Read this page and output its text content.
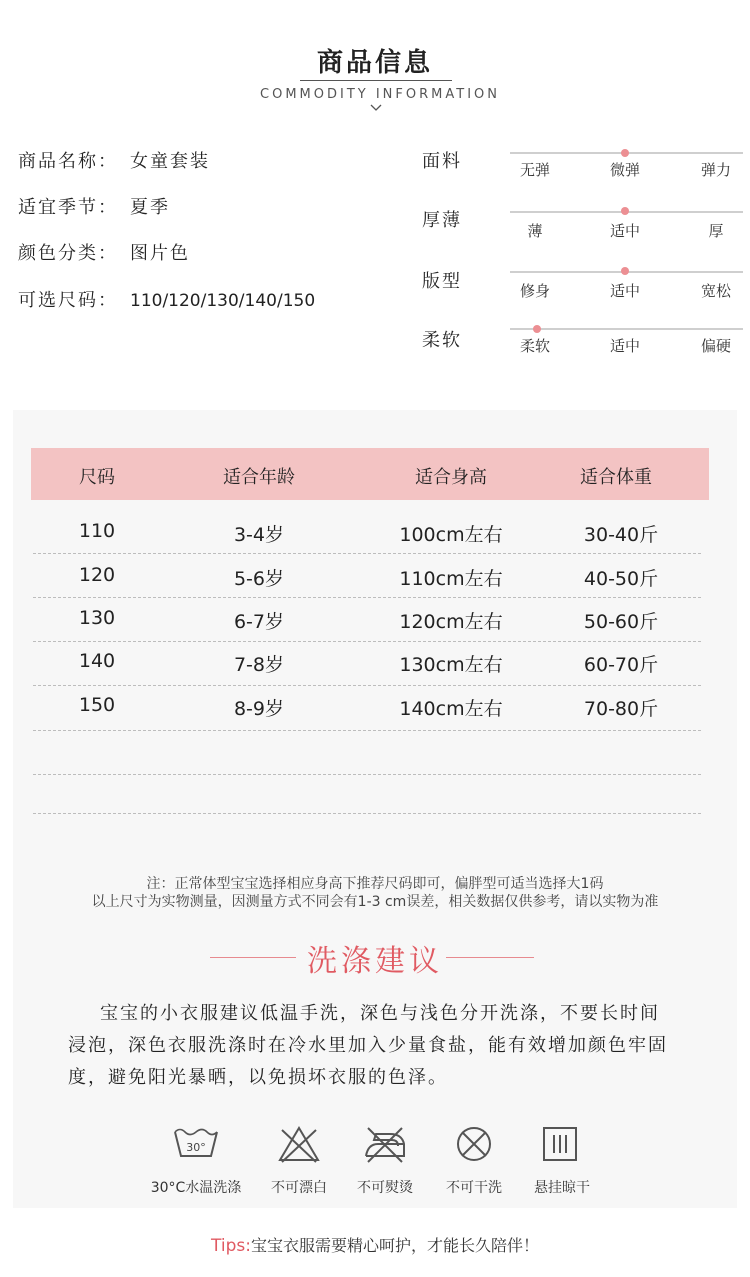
商品信息
COMMODITY INFORMATION
商品名称： 女童套装
适宜季节： 夏季
颜色分类： 图片色
可选尺码： 110/120/130/140/150
面料	无弹	微弹	弹力
厚薄	薄	适中	厚
版型	修身	适中	宽松
柔软	柔软	适中	偏硬
尺码	适合年龄	适合身高	适合体重
110	3-4岁	100cm左右	30-40斤
120	5-6岁	110cm左右	40-50斤
130	6-7岁	120cm左右	50-60斤
140	7-8岁	130cm左右	60-70斤
150	8-9岁	140cm左右	70-80斤
注：正常体型宝宝选择相应身高下推荐尺码即可，偏胖型可适当选择大1码
以上尺寸为实物测量，因测量方式不同会有1-3 cm误差，相关数据仅供参考，请以实物为准
洗涤建议
宝宝的小衣服建议低温手洗，深色与浅色分开洗涤，不要长时间
浸泡，深色衣服洗涤时在冷水里加入少量食盐，能有效增加颜色牢固
度，避免阳光暴晒，以免损坏衣服的色泽。
30°
30°C水温洗涤	不可漂白	不可熨烫	不可干洗	悬挂晾干
Tips:宝宝衣服需要精心呵护，才能长久陪伴！
